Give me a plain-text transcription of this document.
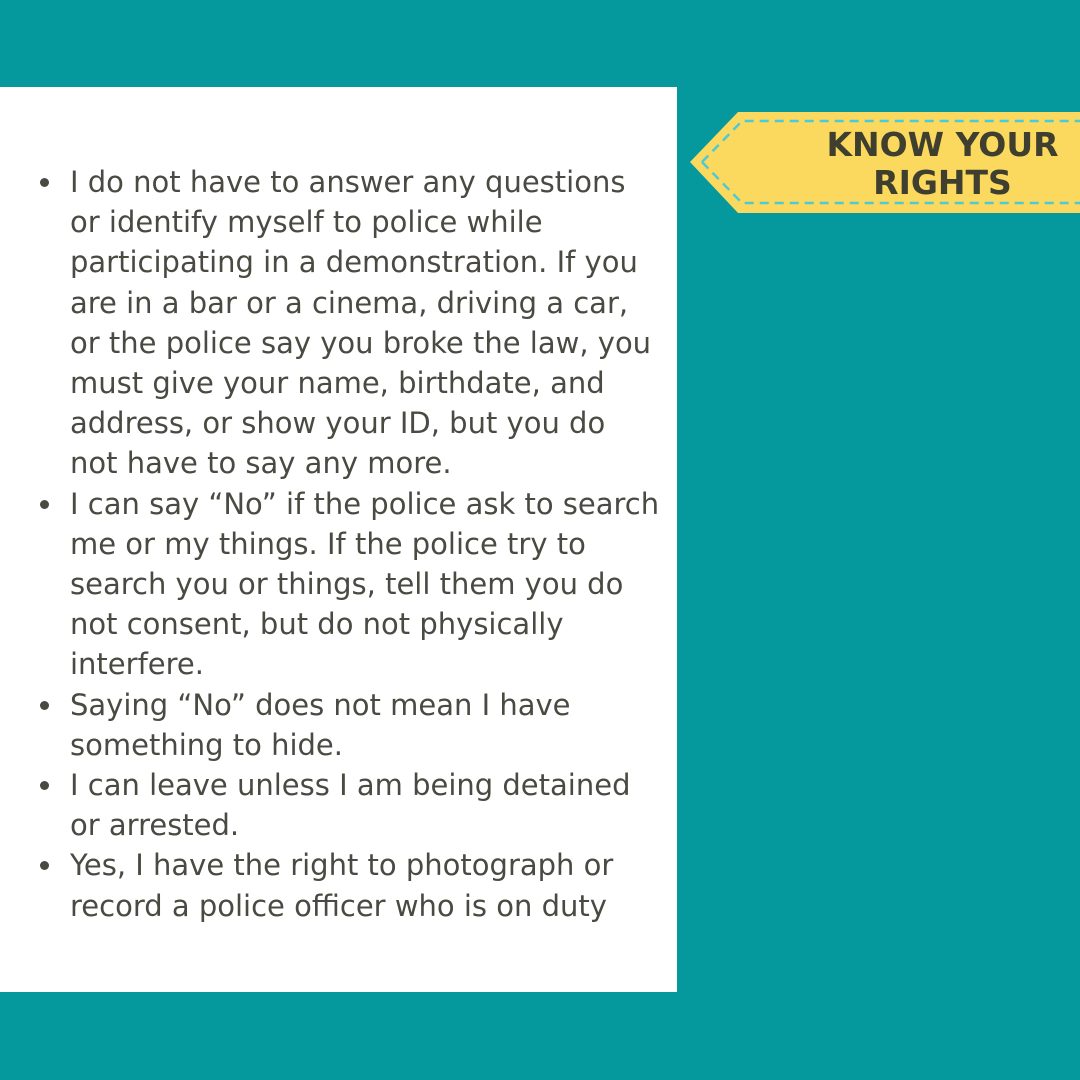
I do not have to answer any questions or identify myself to police while participating in a demonstration. If you are in a bar or a cinema, driving a car, or the police say you broke the law, you must give your name, birthdate, and address, or show your ID, but you do not have to say any more.
I can say “No” if the police ask to search me or my things. If the police try to search you or things, tell them you do not consent, but do not physically interfere.
Saying “No” does not mean I have something to hide.
I can leave unless I am being detained or arrested.
Yes, I have the right to photograph or record a police officer who is on duty
KNOW YOUR
RIGHTS
